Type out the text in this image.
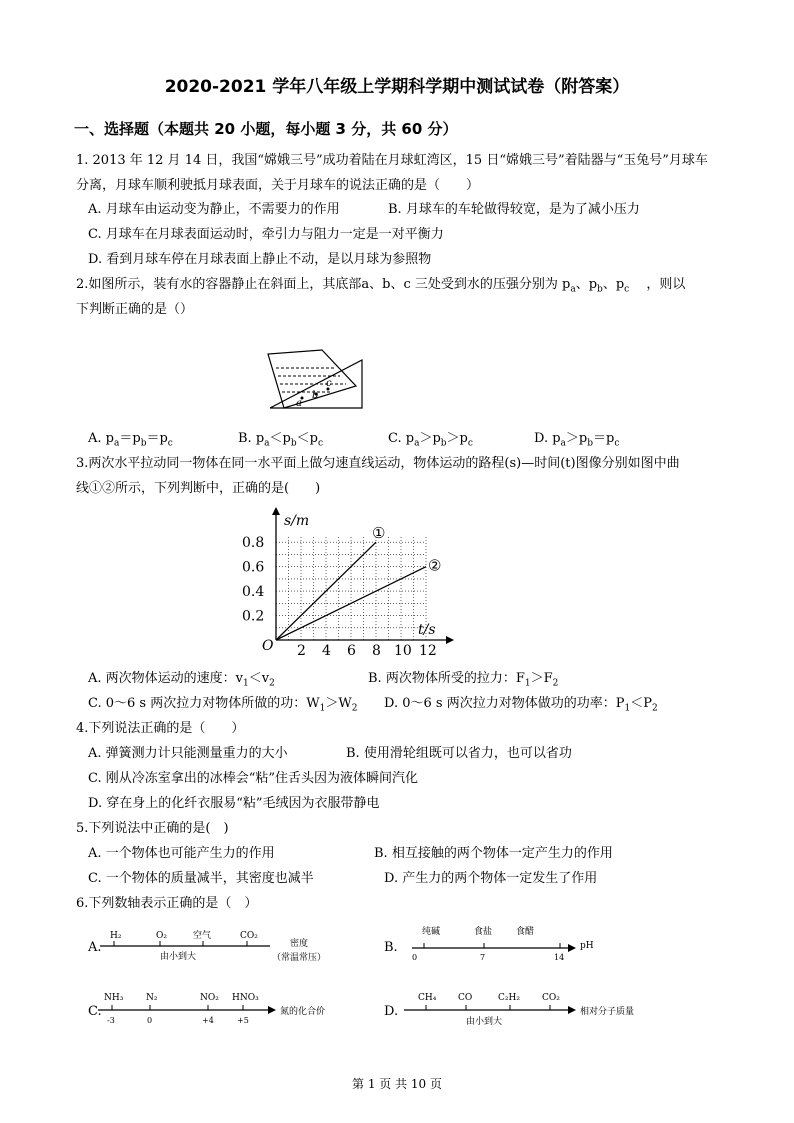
2020-2021 学年八年级上学期科学期中测试试卷（附答案）
一、选择题（本题共 20 小题，每小题 3 分，共 60 分）
1. 2013 年 12 月 14 日，我国“嫦娥三号”成功着陆在月球虹湾区，15 日“嫦娥三号”着陆器与“玉兔号”月球车
分离，月球车顺利驶抵月球表面，关于月球车的说法正确的是（　　）
A. 月球车由运动变为静止，不需要力的作用	B. 月球车的车轮做得较宽，是为了减小压力
C. 月球车在月球表面运动时，牵引力与阻力一定是一对平衡力
D. 看到月球车停在月球表面上静止不动，是以月球为参照物
2.如图所示，装有水的容器静止在斜面上，其底部a、b、c 三处受到水的压强分别为 $p_a$、$p_b$、$p_c$　 ，则以
下判断正确的是（）
a
b
c
A. $p_a=p_b=p_c$	B. $p_a<p_b<p_c$	C. $p_a>p_b>p_c$	D. $p_a>p_b=p_c$
3.两次水平拉动同一物体在同一水平面上做匀速直线运动，物体运动的路程(s)—时间(t)图像分别如图中曲
线①②所示，下列判断中，正确的是(　　)
2 4 6 8 10 12
0.2
0.4
0.6
0.8
O
s/m
t/s
①
②
A. 两次物体运动的速度：$v_1<v_2$	B. 两次物体所受的拉力：$F_1>F_2$
C. 0～6 s 两次拉力对物体所做的功：$W_1>W_2$ D. 0～6 s 两次拉力对物体做功的功率：$P_1<P_2$
4.下列说法正确的是（　　）
A. 弹簧测力计只能测量重力的大小	B. 使用滑轮组既可以省力，也可以省功
C. 刚从冷冻室拿出的冰棒会“粘”住舌头因为液体瞬间汽化
D. 穿在身上的化纤衣服易“粘”毛绒因为衣服带静电
5.下列说法中正确的是(　)
A. 一个物体也可能产生力的作用	B. 相互接触的两个物体一定产生力的作用
C. 一个物体的质量减半，其密度也减半	D. 产生力的两个物体一定发生了作用
6.下列数轴表示正确的是（　）
A.
H₂	O₂	空气	CO₂
由小到大
密度
（常温常压）
B.
纯碱	食盐	食醋
0	7	14
pH
C.
NH₃	N₂	NO₂ HNO₃
-3	0	+4	+5
氮的化合价	D.
CH₄ CO	C₂H₂ CO₂
由小到大
相对分子质量
第 1 页 共 10 页
